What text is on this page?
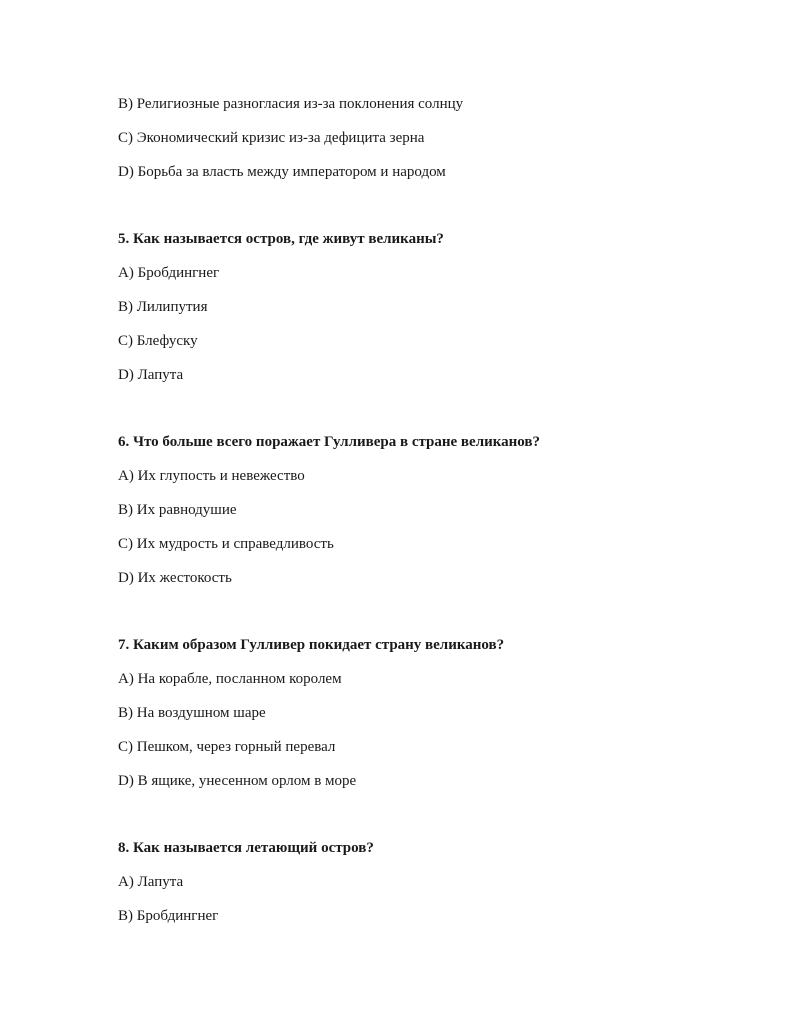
B) Религиозные разногласия из-за поклонения солнцу
C) Экономический кризис из-за дефицита зерна
D) Борьба за власть между императором и народом
5. Как называется остров, где живут великаны?
A) Бробдингнег
B) Лилипутия
C) Блефуску
D) Лапута
6. Что больше всего поражает Гулливера в стране великанов?
A) Их глупость и невежество
B) Их равнодушие
C) Их мудрость и справедливость
D) Их жестокость
7. Каким образом Гулливер покидает страну великанов?
A) На корабле, посланном королем
B) На воздушном шаре
C) Пешком, через горный перевал
D) В ящике, унесенном орлом в море
8. Как называется летающий остров?
A) Лапута
B) Бробдингнег
